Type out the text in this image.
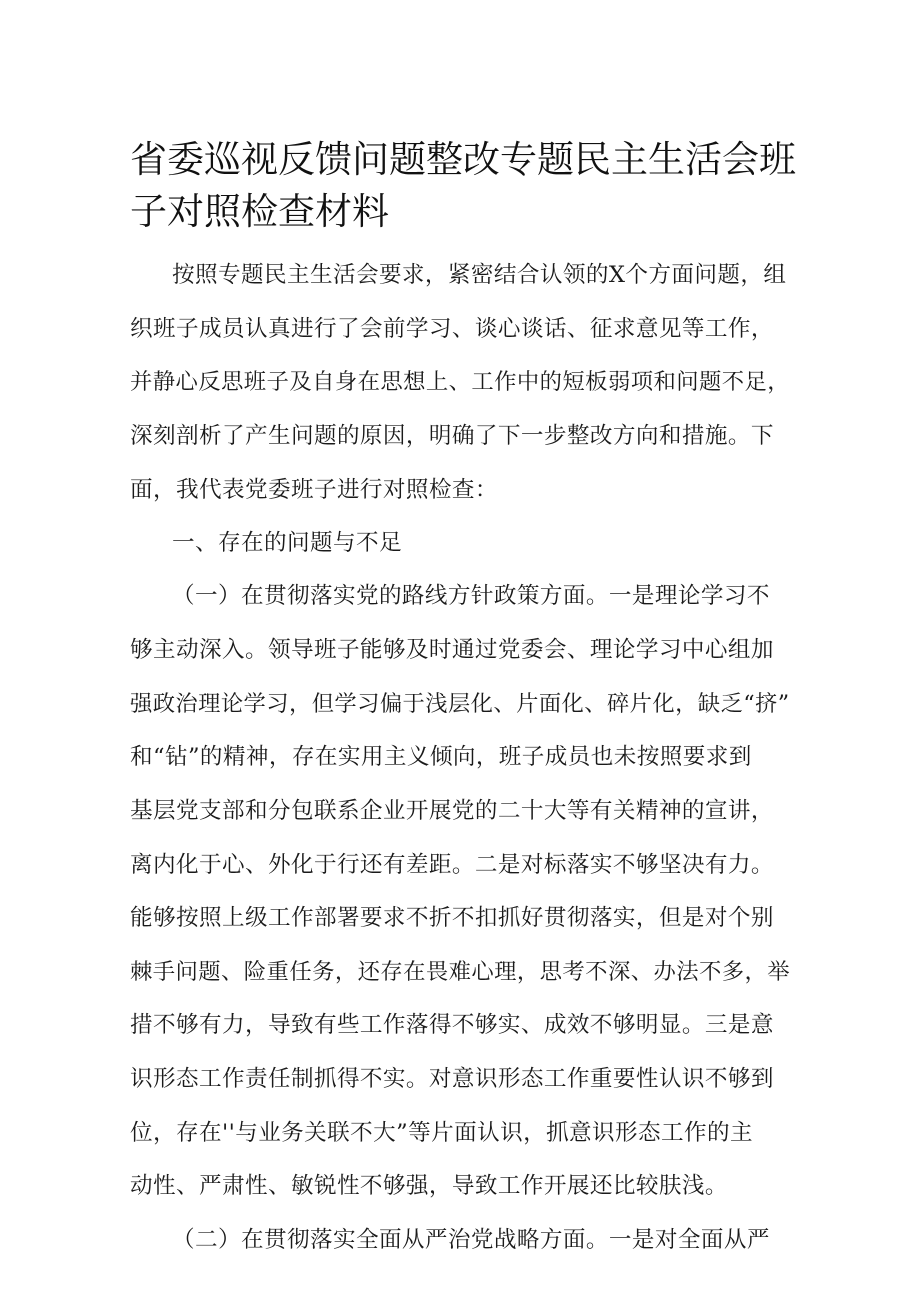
省委巡视反馈问题整改专题民主生活会班
子对照检查材料

按照专题民主生活会要求，紧密结合认领的X个方面问题，组

织班子成员认真进行了会前学习、谈心谈话、征求意见等工作，

并静心反思班子及自身在思想上、工作中的短板弱项和问题不足，

深刻剖析了产生问题的原因，明确了下一步整改方向和措施。下

面，我代表党委班子进行对照检查：

一、存在的问题与不足

（一）在贯彻落实党的路线方针政策方面。一是理论学习不

够主动深入。领导班子能够及时通过党委会、理论学习中心组加

强政治理论学习，但学习偏于浅层化、片面化、碎片化，缺乏“挤”

和“钻”的精神，存在实用主义倾向，班子成员也未按照要求到

基层党支部和分包联系企业开展党的二十大等有关精神的宣讲，

离内化于心、外化于行还有差距。二是对标落实不够坚决有力。

能够按照上级工作部署要求不折不扣抓好贯彻落实，但是对个别

棘手问题、险重任务，还存在畏难心理，思考不深、办法不多，举

措不够有力，导致有些工作落得不够实、成效不够明显。三是意

识形态工作责任制抓得不实。对意识形态工作重要性认识不够到

位，存在''与业务关联不大”等片面认识，抓意识形态工作的主

动性、严肃性、敏锐性不够强，导致工作开展还比较肤浅。

（二）在贯彻落实全面从严治党战略方面。一是对全面从严
